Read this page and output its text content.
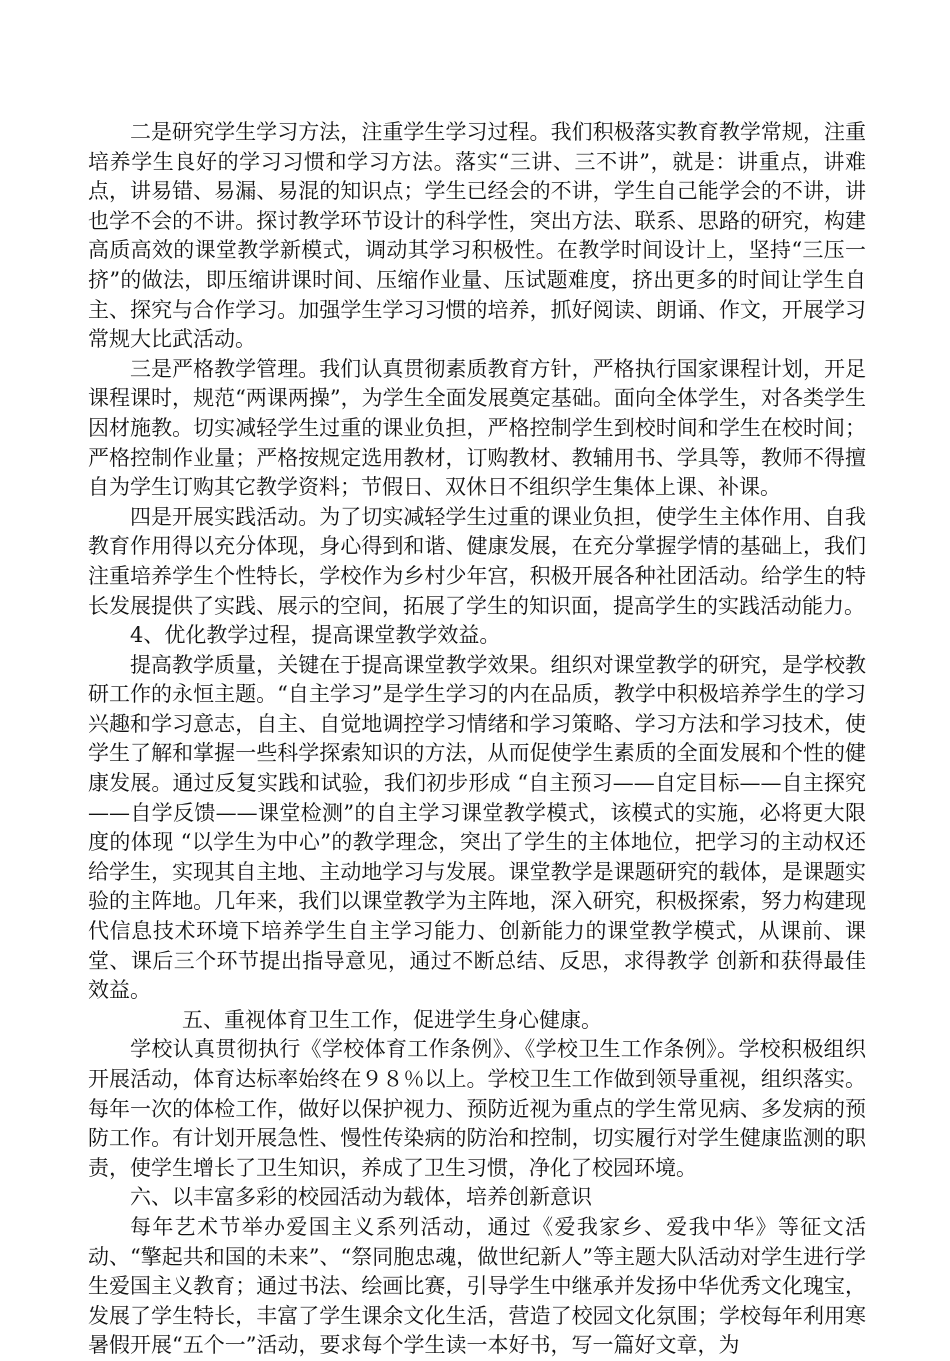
二是研究学生学习方法，注重学生学习过程。我们积极落实教育教学常规，注重培养学生良好的学习习惯和学习方法。落实“三讲、三不讲”，就是：讲重点，讲难点，讲易错、易漏、易混的知识点；学生已经会的不讲，学生自己能学会的不讲，讲也学不会的不讲。探讨教学环节设计的科学性，突出方法、联系、思路的研究，构建高质高效的课堂教学新模式，调动其学习积极性。在教学时间设计上，坚持“三压一挤”的做法，即压缩讲课时间、压缩作业量、压试题难度，挤出更多的时间让学生自主、探究与合作学习。加强学生学习习惯的培养，抓好阅读、朗诵、作文，开展学习常规大比武活动。

三是严格教学管理。我们认真贯彻素质教育方针，严格执行国家课程计划，开足课程课时，规范“两课两操”，为学生全面发展奠定基础。面向全体学生，对各类学生因材施教。切实减轻学生过重的课业负担，严格控制学生到校时间和学生在校时间；严格控制作业量；严格按规定选用教材，订购教材、教辅用书、学具等，教师不得擅自为学生订购其它教学资料；节假日、双休日不组织学生集体上课、补课。

四是开展实践活动。为了切实减轻学生过重的课业负担，使学生主体作用、自我教育作用得以充分体现，身心得到和谐、健康发展，在充分掌握学情的基础上，我们注重培养学生个性特长，学校作为乡村少年宫，积极开展各种社团活动。给学生的特长发展提供了实践、展示的空间，拓展了学生的知识面，提高学生的实践活动能力。

4、优化教学过程，提高课堂教学效益。

提高教学质量，关键在于提高课堂教学效果。组织对课堂教学的研究，是学校教研工作的永恒主题。“自主学习”是学生学习的内在品质，教学中积极培养学生的学习兴趣和学习意志，自主、自觉地调控学习情绪和学习策略、学习方法和学习技术，使学生了解和掌握一些科学探索知识的方法，从而促使学生素质的全面发展和个性的健康发展。通过反复实践和试验，我们初步形成 “自主预习——自定目标——自主探究——自学反馈——课堂检测”的自主学习课堂教学模式，该模式的实施，必将更大限度的体现 “以学生为中心”的教学理念，突出了学生的主体地位，把学习的主动权还给学生，实现其自主地、主动地学习与发展。课堂教学是课题研究的载体，是课题实验的主阵地。几年来，我们以课堂教学为主阵地，深入研究，积极探索，努力构建现代信息技术环境下培养学生自主学习能力、创新能力的课堂教学模式，从课前、课堂、课后三个环节提出指导意见，通过不断总结、反思，求得教学 创新和获得最佳效益。

五、重视体育卫生工作，促进学生身心健康。

学校认真贯彻执行《学校体育工作条例》、《学校卫生工作条例》。学校积极组织开展活动，体育达标率始终在９８％以上。学校卫生工作做到领导重视，组织落实。每年一次的体检工作，做好以保护视力、预防近视为重点的学生常见病、多发病的预防工作。有计划开展急性、慢性传染病的防治和控制，切实履行对学生健康监测的职责，使学生增长了卫生知识，养成了卫生习惯，净化了校园环境。

六、以丰富多彩的校园活动为载体，培养创新意识

每年艺术节举办爱国主义系列活动，通过《爱我家乡、爱我中华》等征文活动、“擎起共和国的未来”、“祭同胞忠魂，做世纪新人”等主题大队活动对学生进行学生爱国主义教育；通过书法、绘画比赛，引导学生中继承并发扬中华优秀文化瑰宝，发展了学生特长，丰富了学生课余文化生活，营造了校园文化氛围；学校每年利用寒暑假开展“五个一”活动，要求每个学生读一本好书，写一篇好文章，为
